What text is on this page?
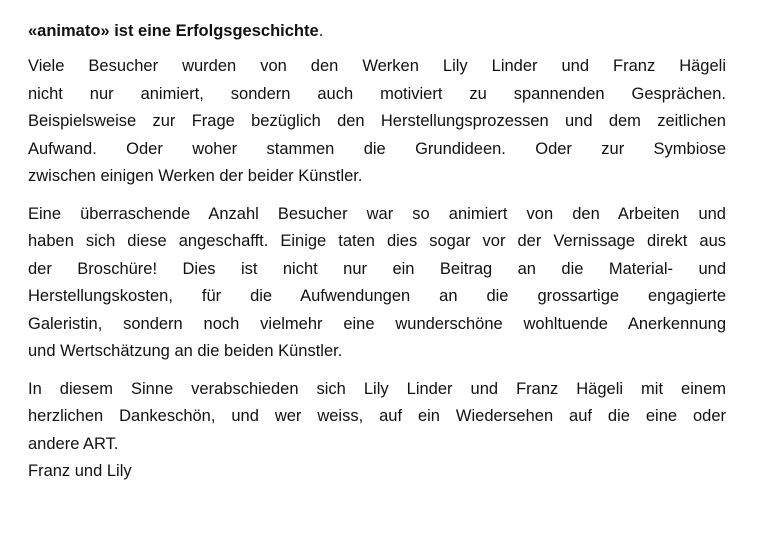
«animato» ist eine Erfolgsgeschichte.

Viele Besucher wurden von den Werken Lily Linder und Franz Hägeli
nicht nur animiert, sondern auch motiviert zu spannenden Gesprächen.
Beispielsweise zur Frage bezüglich den Herstellungsprozessen und dem zeitlichen
Aufwand. Oder woher stammen die Grundideen. Oder zur Symbiose
zwischen einigen Werken der beider Künstler.

Eine überraschende Anzahl Besucher war so animiert von den Arbeiten und
haben sich diese angeschafft. Einige taten dies sogar vor der Vernissage direkt aus
der Broschüre! Dies ist nicht nur ein Beitrag an die Material- und
Herstellungskosten, für die Aufwendungen an die grossartige engagierte
Galeristin, sondern noch vielmehr eine wunderschöne wohltuende Anerkennung
und Wertschätzung an die beiden Künstler.

In diesem Sinne verabschieden sich Lily Linder und Franz Hägeli mit einem
herzlichen Dankeschön, und wer weiss, auf ein Wiedersehen auf die eine oder
andere ART.
Franz und Lily
